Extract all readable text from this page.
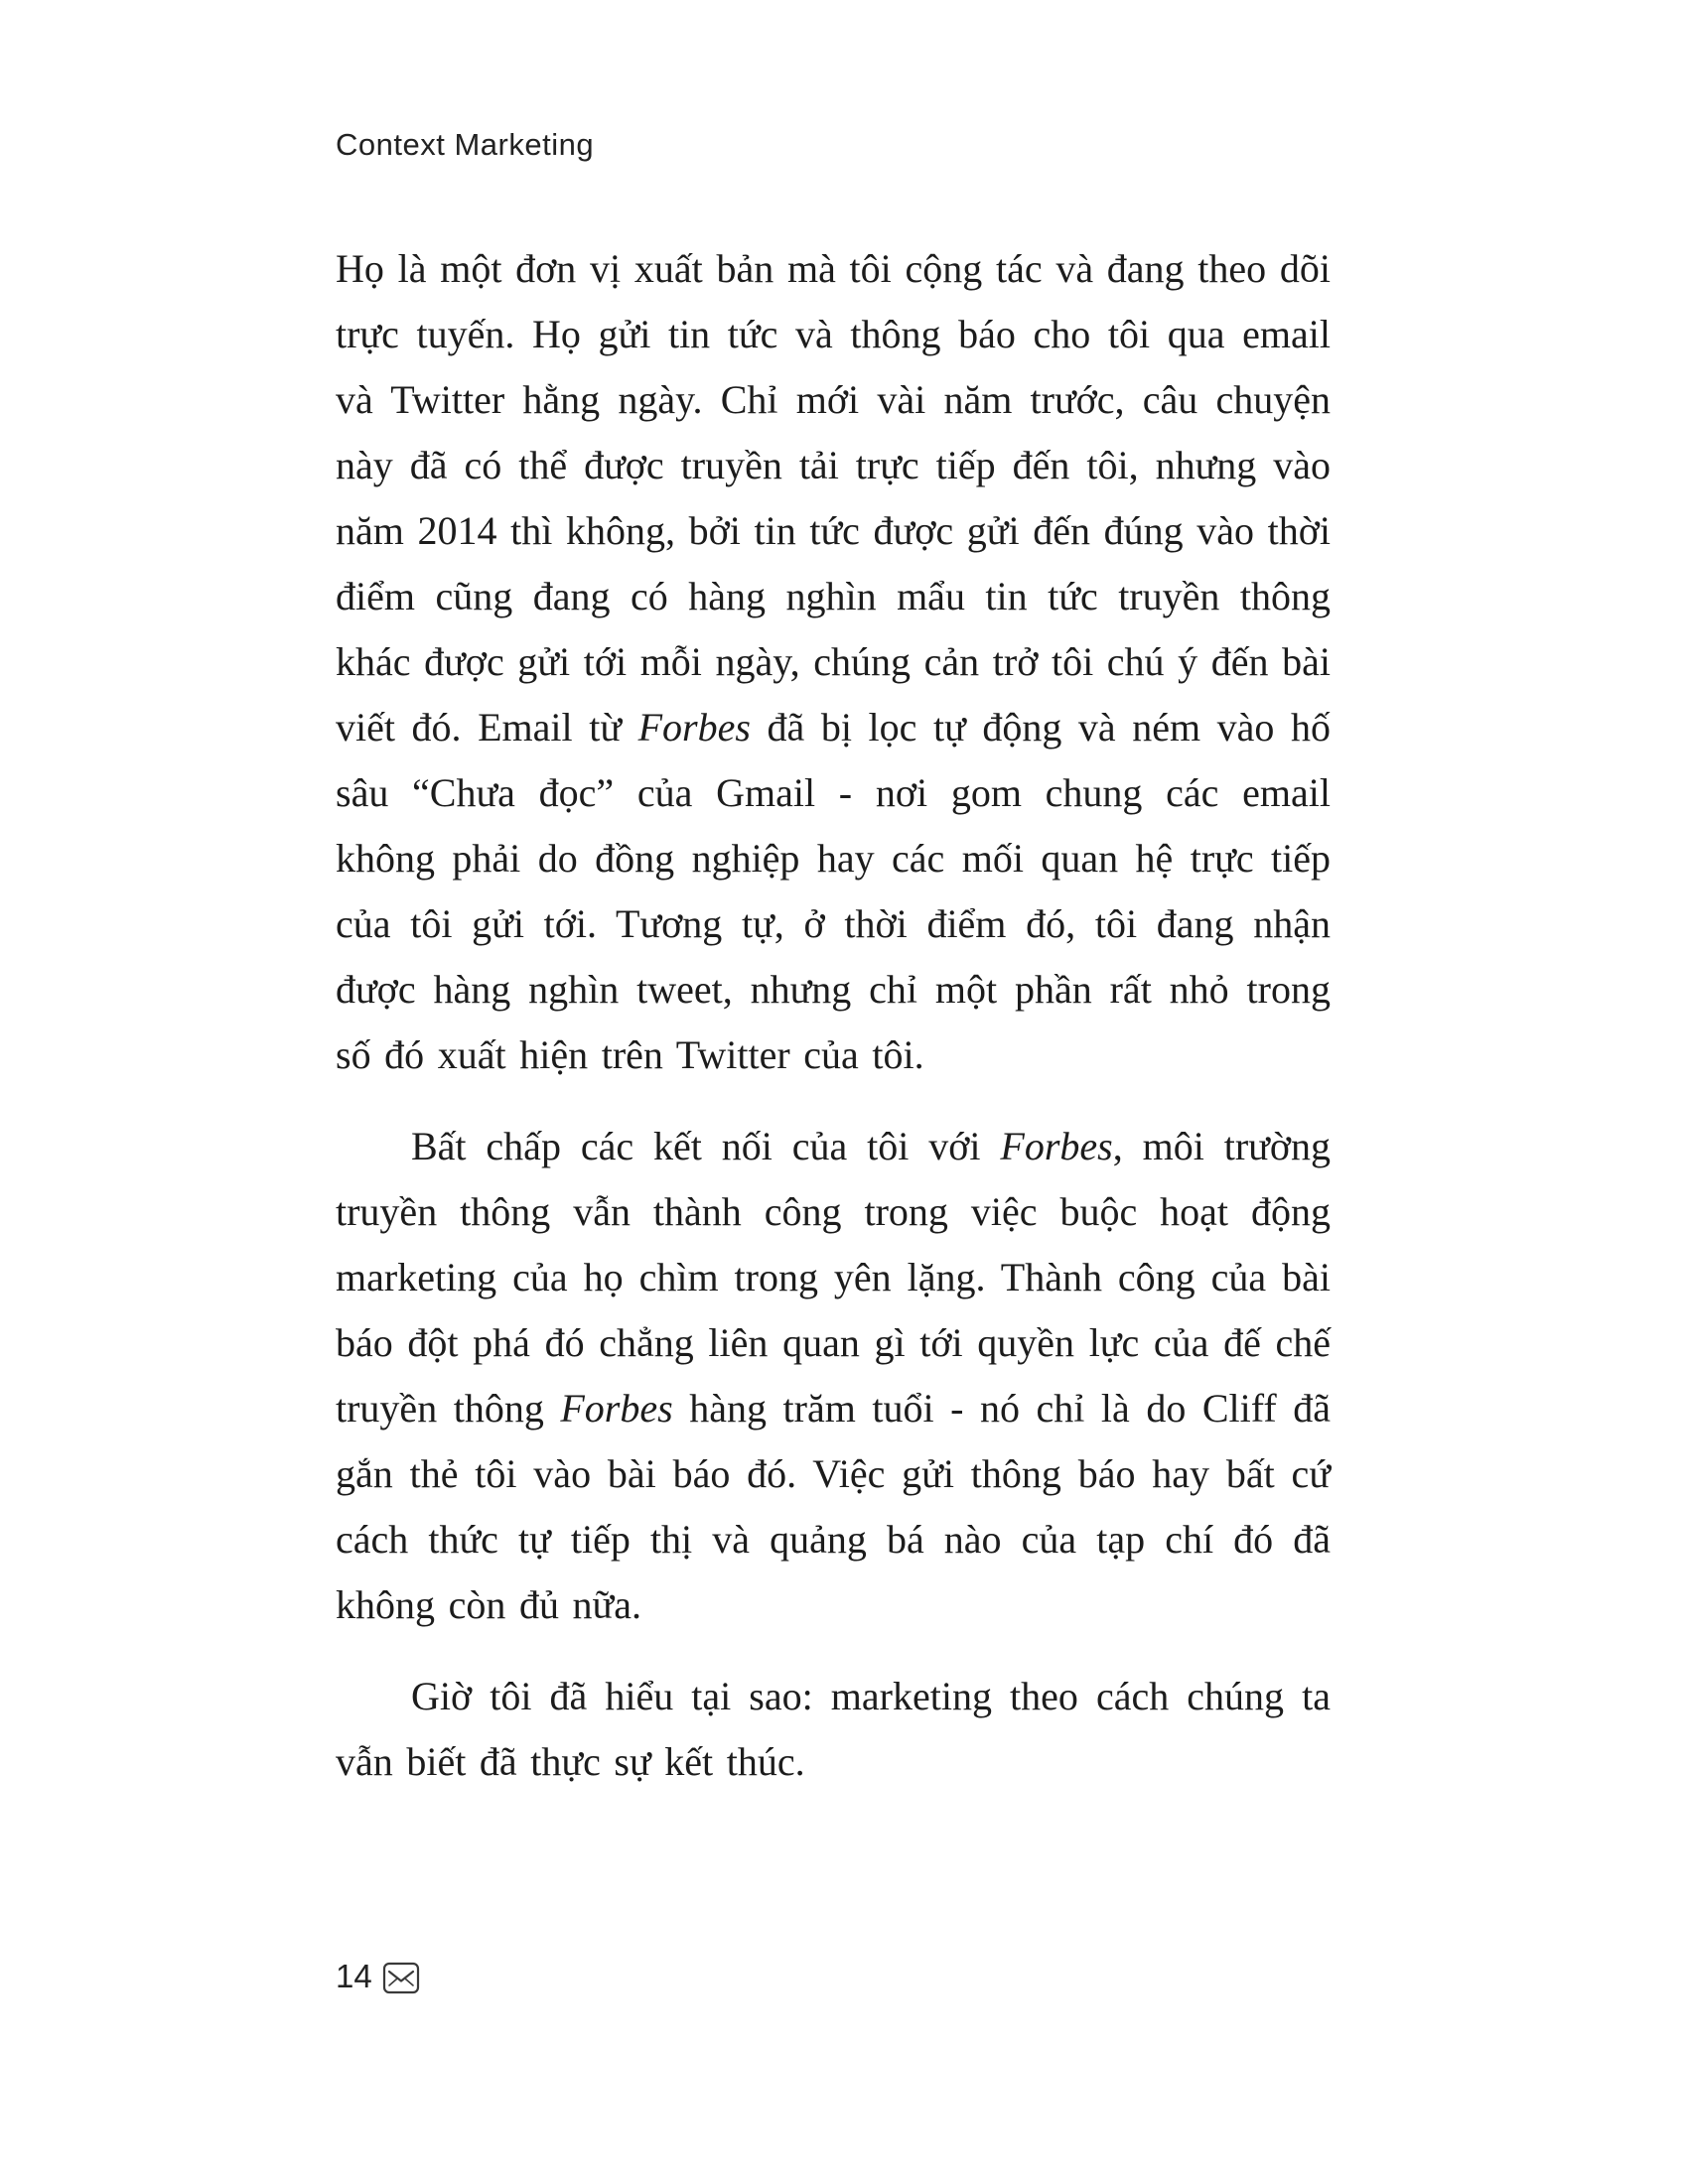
Context Marketing

Họ là một đơn vị xuất bản mà tôi cộng tác và đang theo dõi trực tuyến. Họ gửi tin tức và thông báo cho tôi qua email và Twitter hằng ngày. Chỉ mới vài năm trước, câu chuyện này đã có thể được truyền tải trực tiếp đến tôi, nhưng vào năm 2014 thì không, bởi tin tức được gửi đến đúng vào thời điểm cũng đang có hàng nghìn mẩu tin tức truyền thông khác được gửi tới mỗi ngày, chúng cản trở tôi chú ý đến bài viết đó. Email từ Forbes đã bị lọc tự động và ném vào hố sâu “Chưa đọc” của Gmail - nơi gom chung các email không phải do đồng nghiệp hay các mối quan hệ trực tiếp của tôi gửi tới. Tương tự, ở thời điểm đó, tôi đang nhận được hàng nghìn tweet, nhưng chỉ một phần rất nhỏ trong số đó xuất hiện trên Twitter của tôi.

Bất chấp các kết nối của tôi với Forbes, môi trường truyền thông vẫn thành công trong việc buộc hoạt động marketing của họ chìm trong yên lặng. Thành công của bài báo đột phá đó chẳng liên quan gì tới quyền lực của đế chế truyền thông Forbes hàng trăm tuổi - nó chỉ là do Cliff đã gắn thẻ tôi vào bài báo đó. Việc gửi thông báo hay bất cứ cách thức tự tiếp thị và quảng bá nào của tạp chí đó đã không còn đủ nữa.

Giờ tôi đã hiểu tại sao: marketing theo cách chúng ta vẫn biết đã thực sự kết thúc.

14
